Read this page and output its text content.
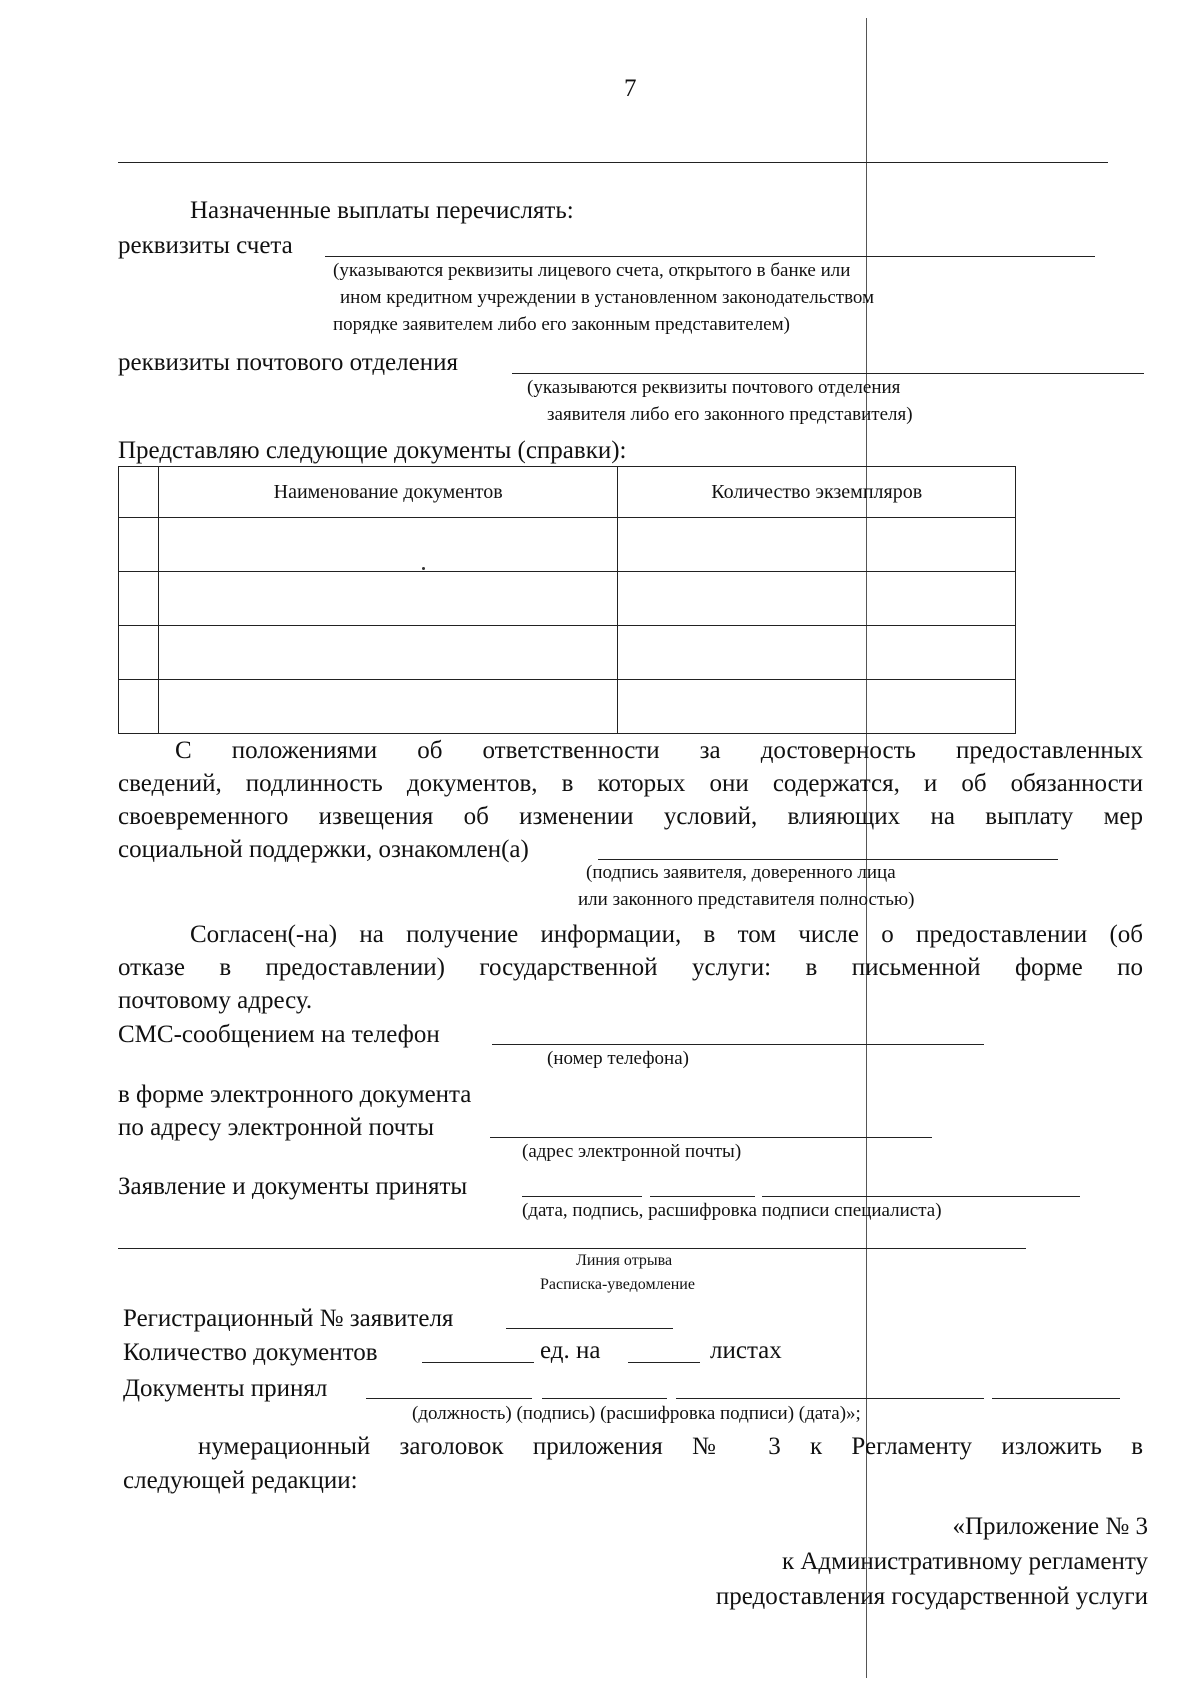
7
Назначенные выплаты перечислять:
реквизиты счета
(указываются реквизиты лицевого счета, открытого в банке или
ином кредитном учреждении в установленном законодательством
порядке заявителем либо его законным представителем)
реквизиты почтового отделения
(указываются реквизиты почтового отделения
заявителя либо его законного представителя)
Представляю следующие документы (справки):
	Наименование документов	Количество экземпляров

С положениями об ответственности за достоверность предоставленных
сведений, подлинность документов, в которых они содержатся, и об обязанности
своевременного извещения об изменении условий, влияющих на выплату мер
социальной поддержки, ознакомлен(а)
(подпись заявителя, доверенного лица
или законного представителя полностью)
Согласен(-на) на получение информации, в том числе о предоставлении (об
отказе в предоставлении) государственной услуги: в письменной форме по
почтовому адресу.
СМС-сообщением на телефон
(номер телефона)
в форме электронного документа
по адресу электронной почты
(адрес электронной почты)
Заявление и документы приняты
(дата, подпись, расшифровка подписи специалиста)
Линия отрыва
Расписка-уведомление
Регистрационный № заявителя
Количество документов	ед. на	листах
Документы принял
(должность) (подпись) (расшифровка подписи) (дата)»;
нумерационный заголовок приложения № 3 к Регламенту изложить в
следующей редакции:
«Приложение № 3
к Административному регламенту
предоставления государственной услуги
